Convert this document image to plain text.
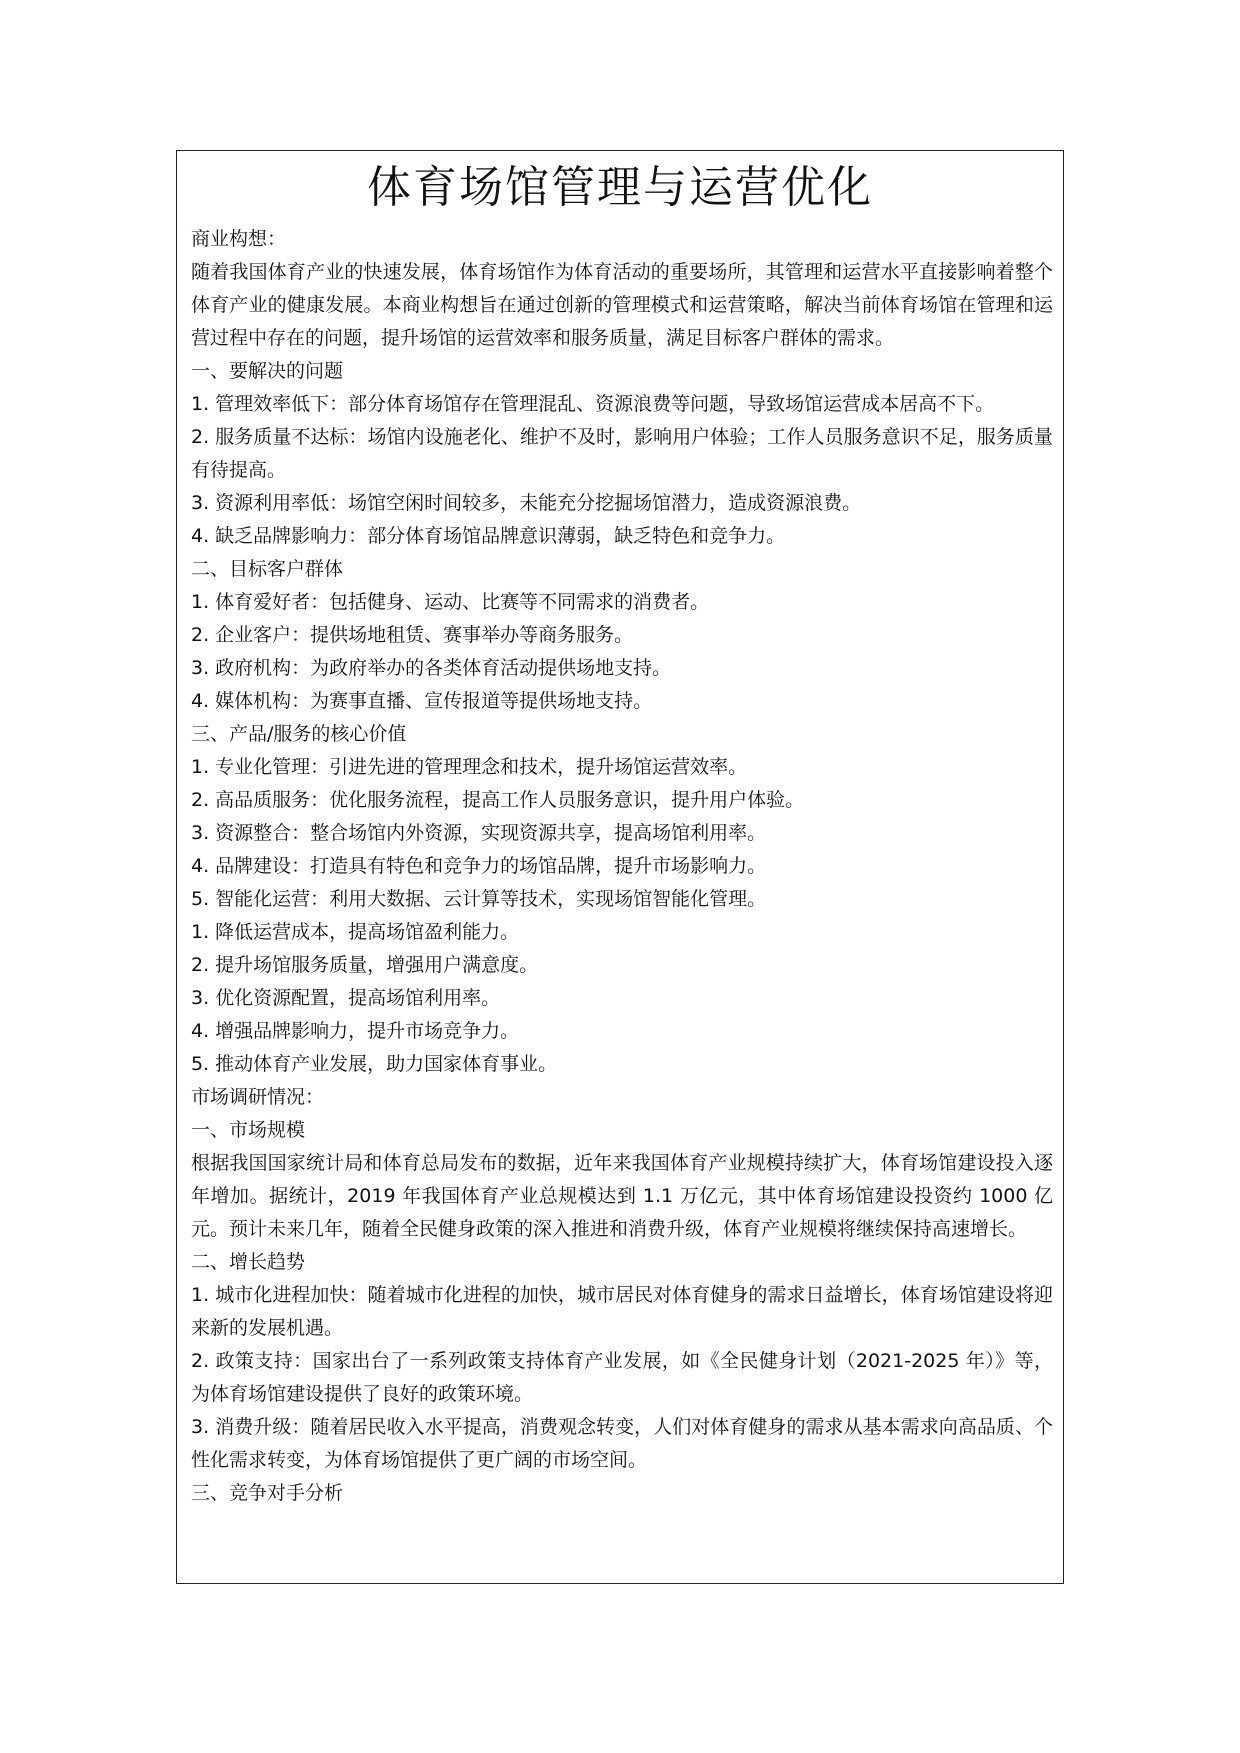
体育场馆管理与运营优化

商业构想：

随着我国体育产业的快速发展，体育场馆作为体育活动的重要场所，其管理和运营水平直接影响着整个体育产业的健康发展。本商业构想旨在通过创新的管理模式和运营策略，解决当前体育场馆在管理和运营过程中存在的问题，提升场馆的运营效率和服务质量，满足目标客户群体的需求。

一、要解决的问题

1. 管理效率低下：部分体育场馆存在管理混乱、资源浪费等问题，导致场馆运营成本居高不下。

2. 服务质量不达标：场馆内设施老化、维护不及时，影响用户体验；工作人员服务意识不足，服务质量有待提高。

3. 资源利用率低：场馆空闲时间较多，未能充分挖掘场馆潜力，造成资源浪费。

4. 缺乏品牌影响力：部分体育场馆品牌意识薄弱，缺乏特色和竞争力。

二、目标客户群体

1. 体育爱好者：包括健身、运动、比赛等不同需求的消费者。

2. 企业客户：提供场地租赁、赛事举办等商务服务。

3. 政府机构：为政府举办的各类体育活动提供场地支持。

4. 媒体机构：为赛事直播、宣传报道等提供场地支持。

三、产品/服务的核心价值

1. 专业化管理：引进先进的管理理念和技术，提升场馆运营效率。

2. 高品质服务：优化服务流程，提高工作人员服务意识，提升用户体验。

3. 资源整合：整合场馆内外资源，实现资源共享，提高场馆利用率。

4. 品牌建设：打造具有特色和竞争力的场馆品牌，提升市场影响力。

5. 智能化运营：利用大数据、云计算等技术，实现场馆智能化管理。

1. 降低运营成本，提高场馆盈利能力。

2. 提升场馆服务质量，增强用户满意度。

3. 优化资源配置，提高场馆利用率。

4. 增强品牌影响力，提升市场竞争力。

5. 推动体育产业发展，助力国家体育事业。

市场调研情况：

一、市场规模

根据我国国家统计局和体育总局发布的数据，近年来我国体育产业规模持续扩大，体育场馆建设投入逐年增加。据统计，2019 年我国体育产业总规模达到 1.1 万亿元，其中体育场馆建设投资约 1000 亿元。预计未来几年，随着全民健身政策的深入推进和消费升级，体育产业规模将继续保持高速增长。

二、增长趋势

1. 城市化进程加快：随着城市化进程的加快，城市居民对体育健身的需求日益增长，体育场馆建设将迎来新的发展机遇。

2. 政策支持：国家出台了一系列政策支持体育产业发展，如《全民健身计划（2021-2025 年）》等，为体育场馆建设提供了良好的政策环境。

3. 消费升级：随着居民收入水平提高，消费观念转变，人们对体育健身的需求从基本需求向高品质、个性化需求转变，为体育场馆提供了更广阔的市场空间。

三、竞争对手分析
